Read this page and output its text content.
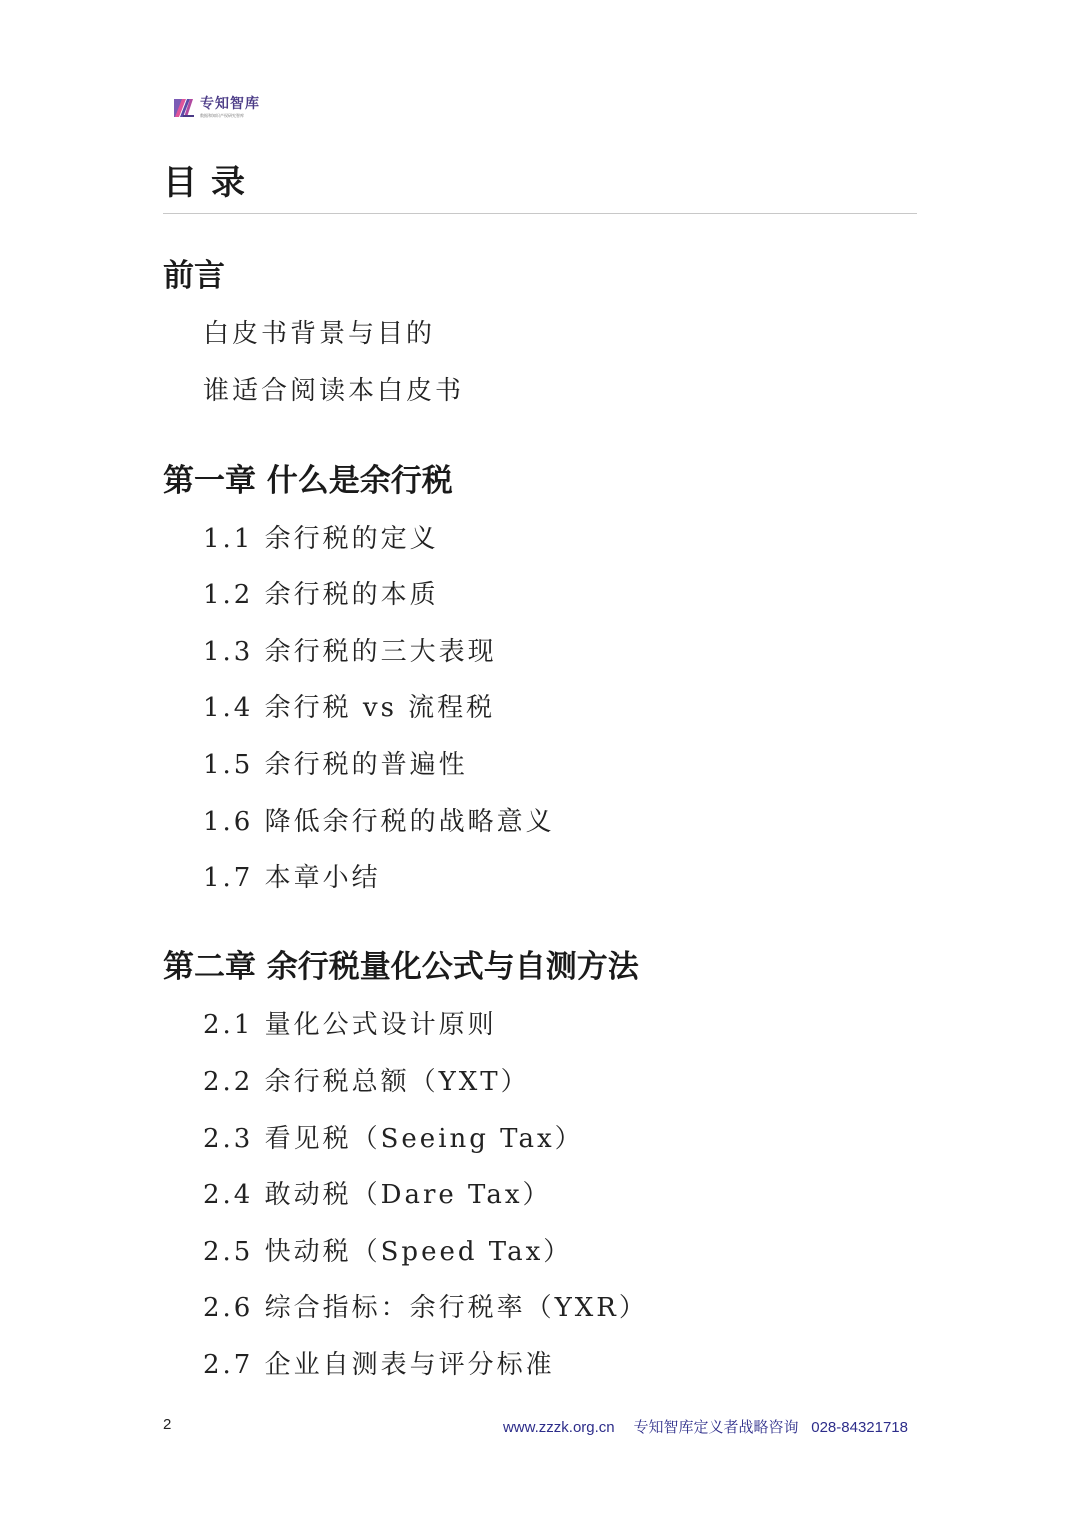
专知智库
数据和知识产权研究智库
目录
前言
白皮书背景与目的
谁适合阅读本白皮书
第一章 什么是余行税
1.1 余行税的定义
1.2 余行税的本质
1.3 余行税的三大表现
1.4 余行税 vs 流程税
1.5 余行税的普遍性
1.6 降低余行税的战略意义
1.7 本章小结
第二章 余行税量化公式与自测方法
2.1 量化公式设计原则
2.2 余行税总额（YXT）
2.3 看见税（Seeing Tax）
2.4 敢动税（Dare Tax）
2.5 快动税（Speed Tax）
2.6 综合指标：余行税率（YXR）
2.7 企业自测表与评分标准
2	www.zzzk.org.cn 专知智库定义者战略咨询 028-84321718
